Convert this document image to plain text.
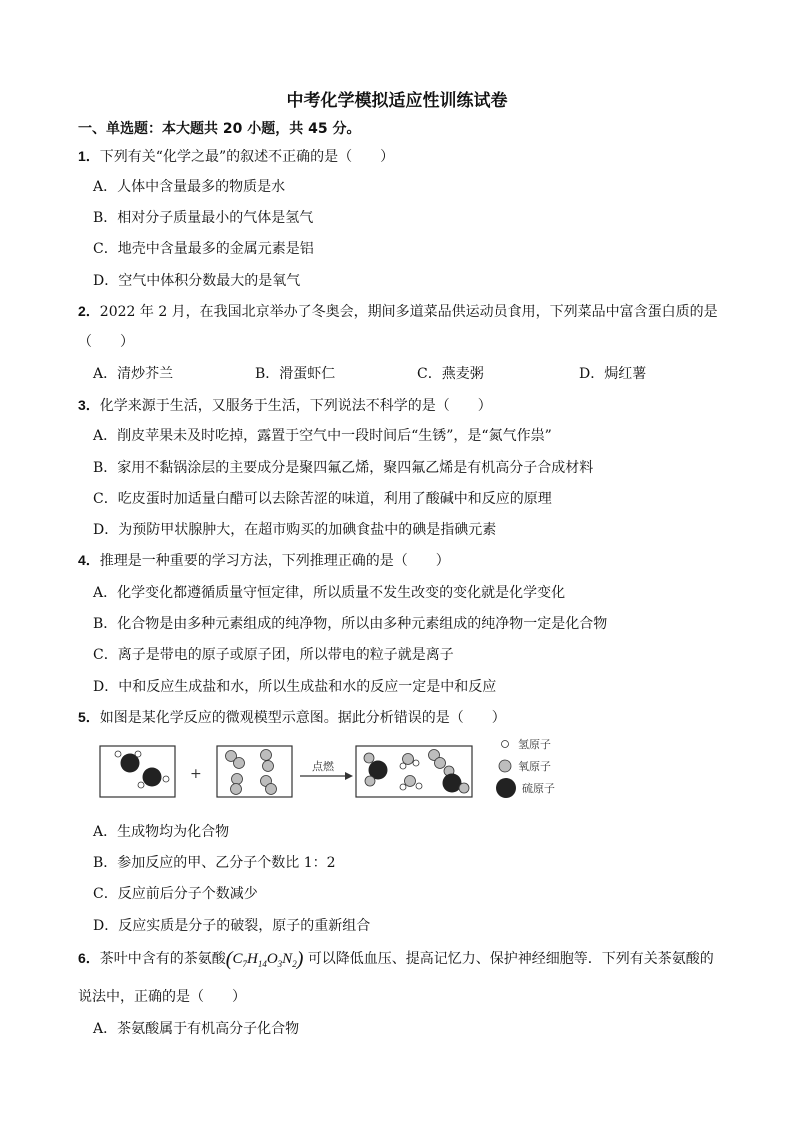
中考化学模拟适应性训练试卷
一、单选题：本大题共 20 小题，共 45 分。
1．下列有关“化学之最”的叙述不正确的是（　　）
A．人体中含量最多的物质是水
B．相对分子质量最小的气体是氢气
C．地壳中含量最多的金属元素是铝
D．空气中体积分数最大的是氧气
2．2022 年 2 月，在我国北京举办了冬奥会，期间多道菜品供运动员食用，下列菜品中富含蛋白质的是
（　　）
A．清炒芥兰	B．滑蛋虾仁	C．燕麦粥	D．焗红薯
3．化学来源于生活，又服务于生活，下列说法不科学的是（　　）
A．削皮苹果未及时吃掉，露置于空气中一段时间后“生锈”，是“氮气作祟”
B．家用不黏锅涂层的主要成分是聚四氟乙烯，聚四氟乙烯是有机高分子合成材料
C．吃皮蛋时加适量白醋可以去除苦涩的味道，利用了酸碱中和反应的原理
D．为预防甲状腺肿大，在超市购买的加碘食盐中的碘是指碘元素
4．推理是一种重要的学习方法，下列推理正确的是（　　）
A．化学变化都遵循质量守恒定律，所以质量不发生改变的变化就是化学变化
B．化合物是由多种元素组成的纯净物，所以由多种元素组成的纯净物一定是化合物
C．离子是带电的原子或原子团，所以带电的粒子就是离子
D．中和反应生成盐和水，所以生成盐和水的反应一定是中和反应
5．如图是某化学反应的微观模型示意图。据此分析错误的是（　　）
+	点燃
氢原子
氧原子
硫原子
A．生成物均为化合物
B．参加反应的甲、乙分子个数比 1：2
C．反应前后分子个数减少
D．反应实质是分子的破裂，原子的重新组合
6．茶叶中含有的茶氨酸$(C_7H_{14}O_3N_2)$ 可以降低血压、提高记忆力、保护神经细胞等．下列有关茶氨酸的
说法中，正确的是（　　）
A．茶氨酸属于有机高分子化合物
